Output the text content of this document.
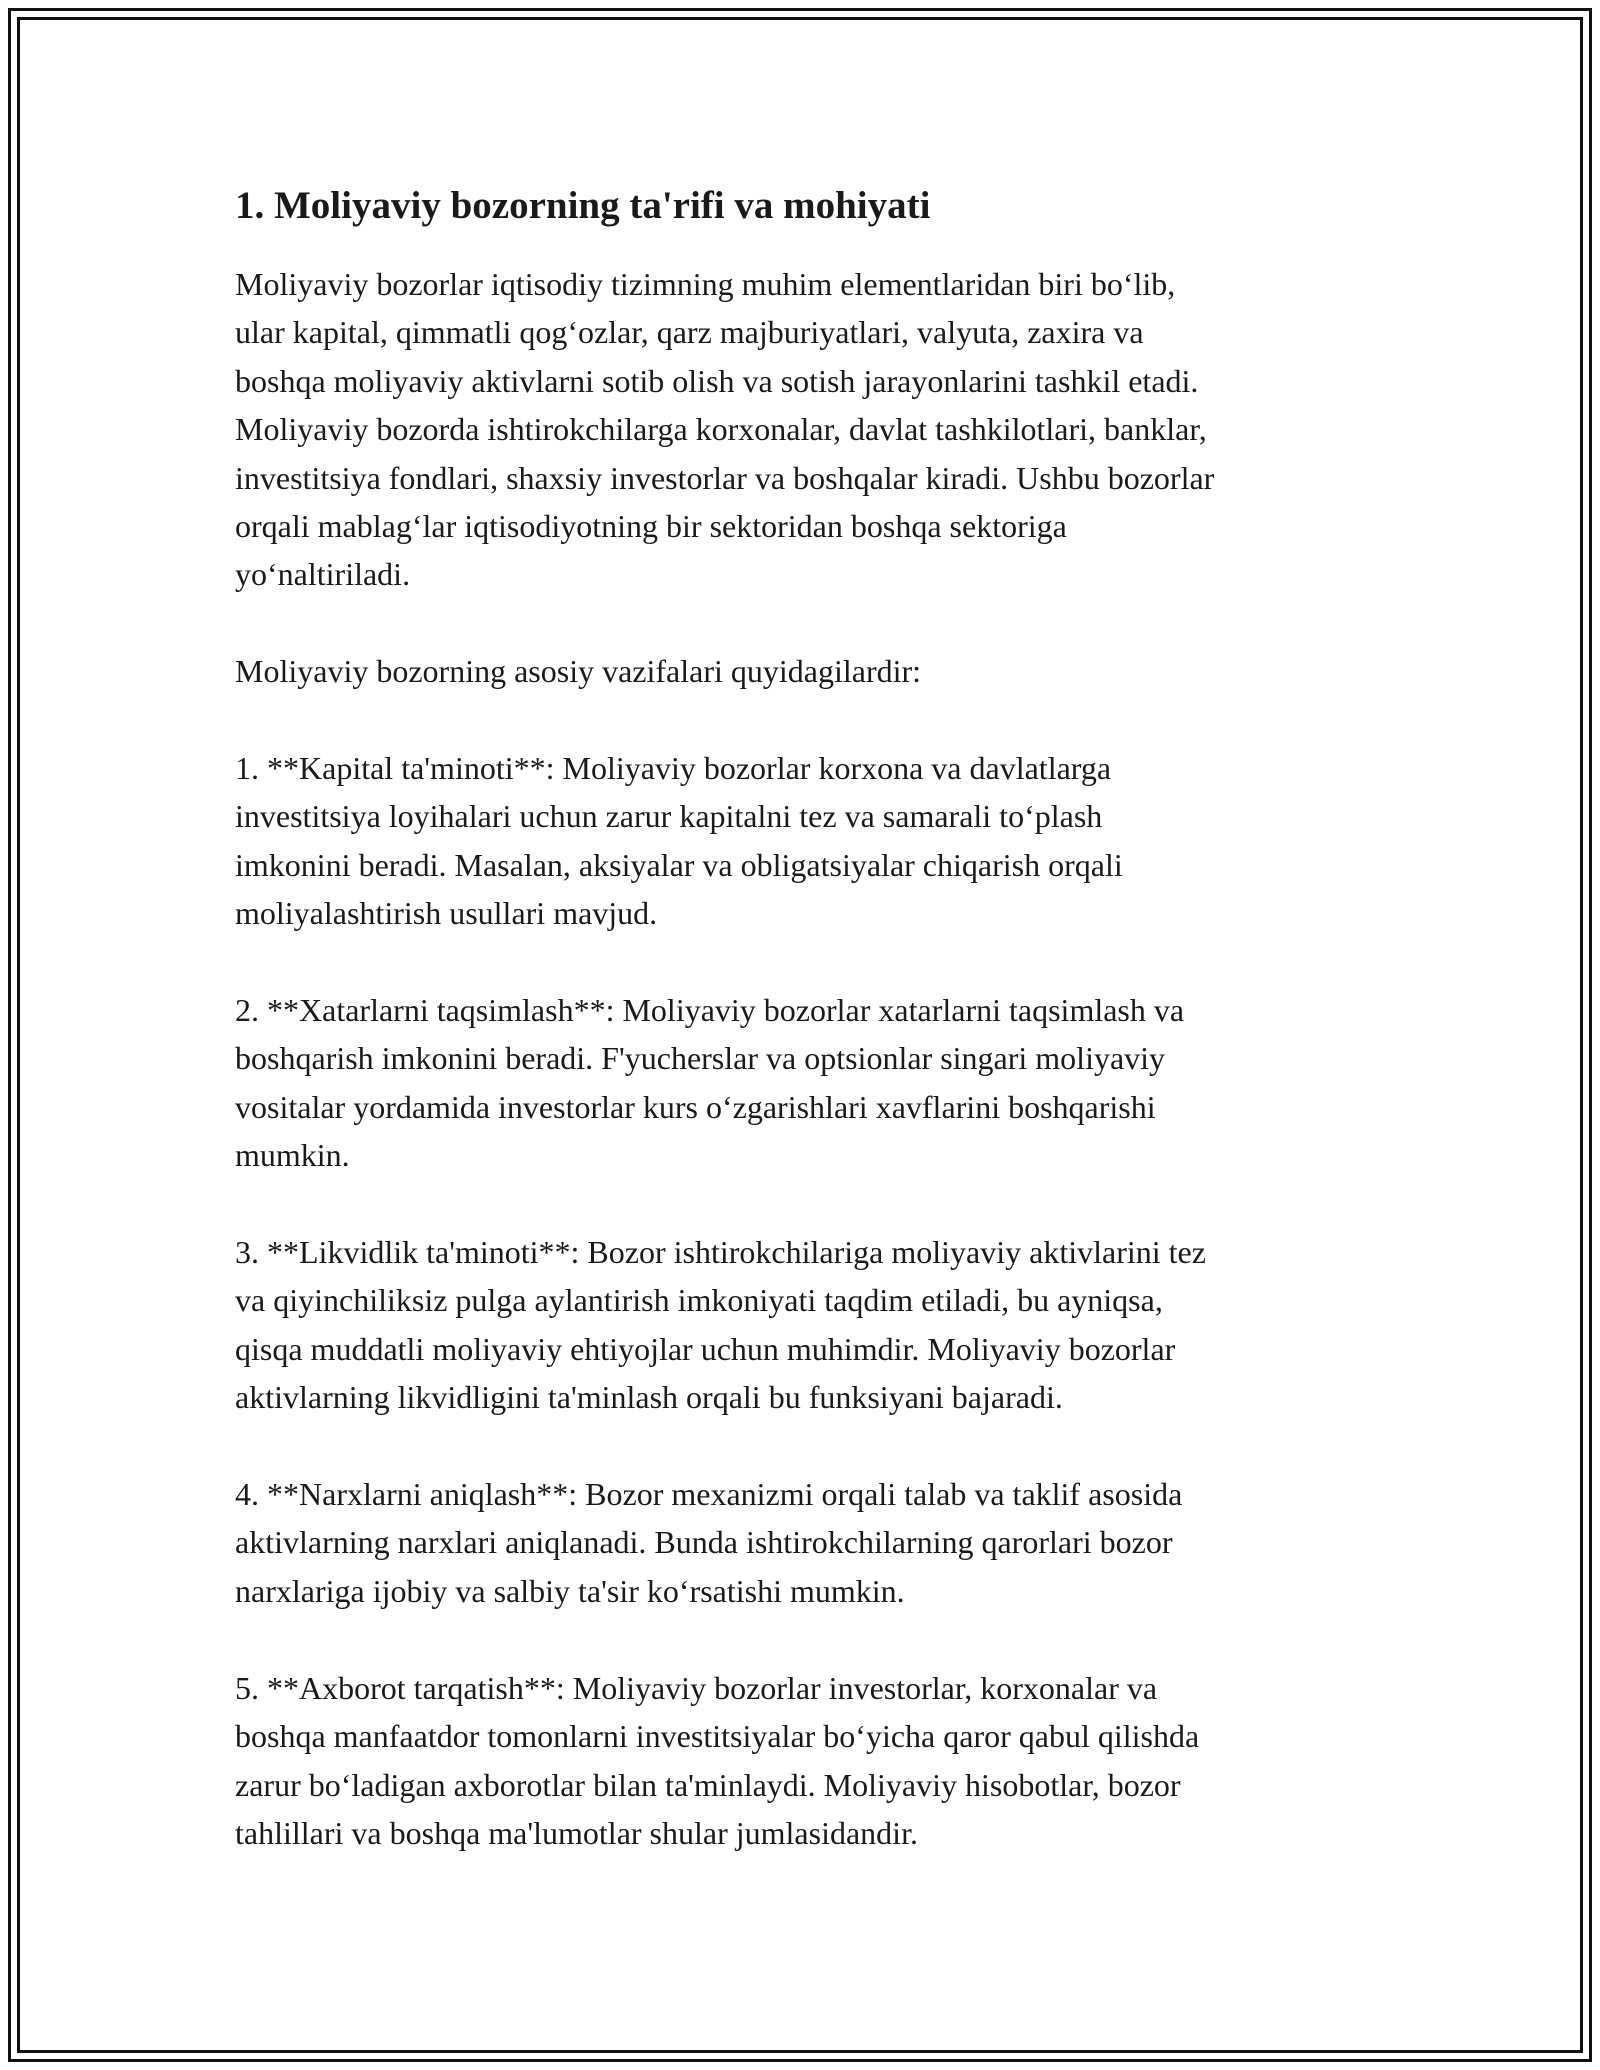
1. Moliyaviy bozorning ta'rifi va mohiyati

Moliyaviy bozorlar iqtisodiy tizimning muhim elementlaridan biri bo‘lib,
ular kapital, qimmatli qog‘ozlar, qarz majburiyatlari, valyuta, zaxira va
boshqa moliyaviy aktivlarni sotib olish va sotish jarayonlarini tashkil etadi.
Moliyaviy bozorda ishtirokchilarga korxonalar, davlat tashkilotlari, banklar,
investitsiya fondlari, shaxsiy investorlar va boshqalar kiradi. Ushbu bozorlar
orqali mablag‘lar iqtisodiyotning bir sektoridan boshqa sektoriga
yo‘naltiriladi.

Moliyaviy bozorning asosiy vazifalari quyidagilardir:

1. **Kapital ta'minoti**: Moliyaviy bozorlar korxona va davlatlarga
investitsiya loyihalari uchun zarur kapitalni tez va samarali to‘plash
imkonini beradi. Masalan, aksiyalar va obligatsiyalar chiqarish orqali
moliyalashtirish usullari mavjud.

2. **Xatarlarni taqsimlash**: Moliyaviy bozorlar xatarlarni taqsimlash va
boshqarish imkonini beradi. F'yucherslar va optsionlar singari moliyaviy
vositalar yordamida investorlar kurs o‘zgarishlari xavflarini boshqarishi
mumkin.

3. **Likvidlik ta'minoti**: Bozor ishtirokchilariga moliyaviy aktivlarini tez
va qiyinchiliksiz pulga aylantirish imkoniyati taqdim etiladi, bu ayniqsa,
qisqa muddatli moliyaviy ehtiyojlar uchun muhimdir. Moliyaviy bozorlar
aktivlarning likvidligini ta'minlash orqali bu funksiyani bajaradi.

4. **Narxlarni aniqlash**: Bozor mexanizmi orqali talab va taklif asosida
aktivlarning narxlari aniqlanadi. Bunda ishtirokchilarning qarorlari bozor
narxlariga ijobiy va salbiy ta'sir ko‘rsatishi mumkin.

5. **Axborot tarqatish**: Moliyaviy bozorlar investorlar, korxonalar va
boshqa manfaatdor tomonlarni investitsiyalar bo‘yicha qaror qabul qilishda
zarur bo‘ladigan axborotlar bilan ta'minlaydi. Moliyaviy hisobotlar, bozor
tahlillari va boshqa ma'lumotlar shular jumlasidandir.
